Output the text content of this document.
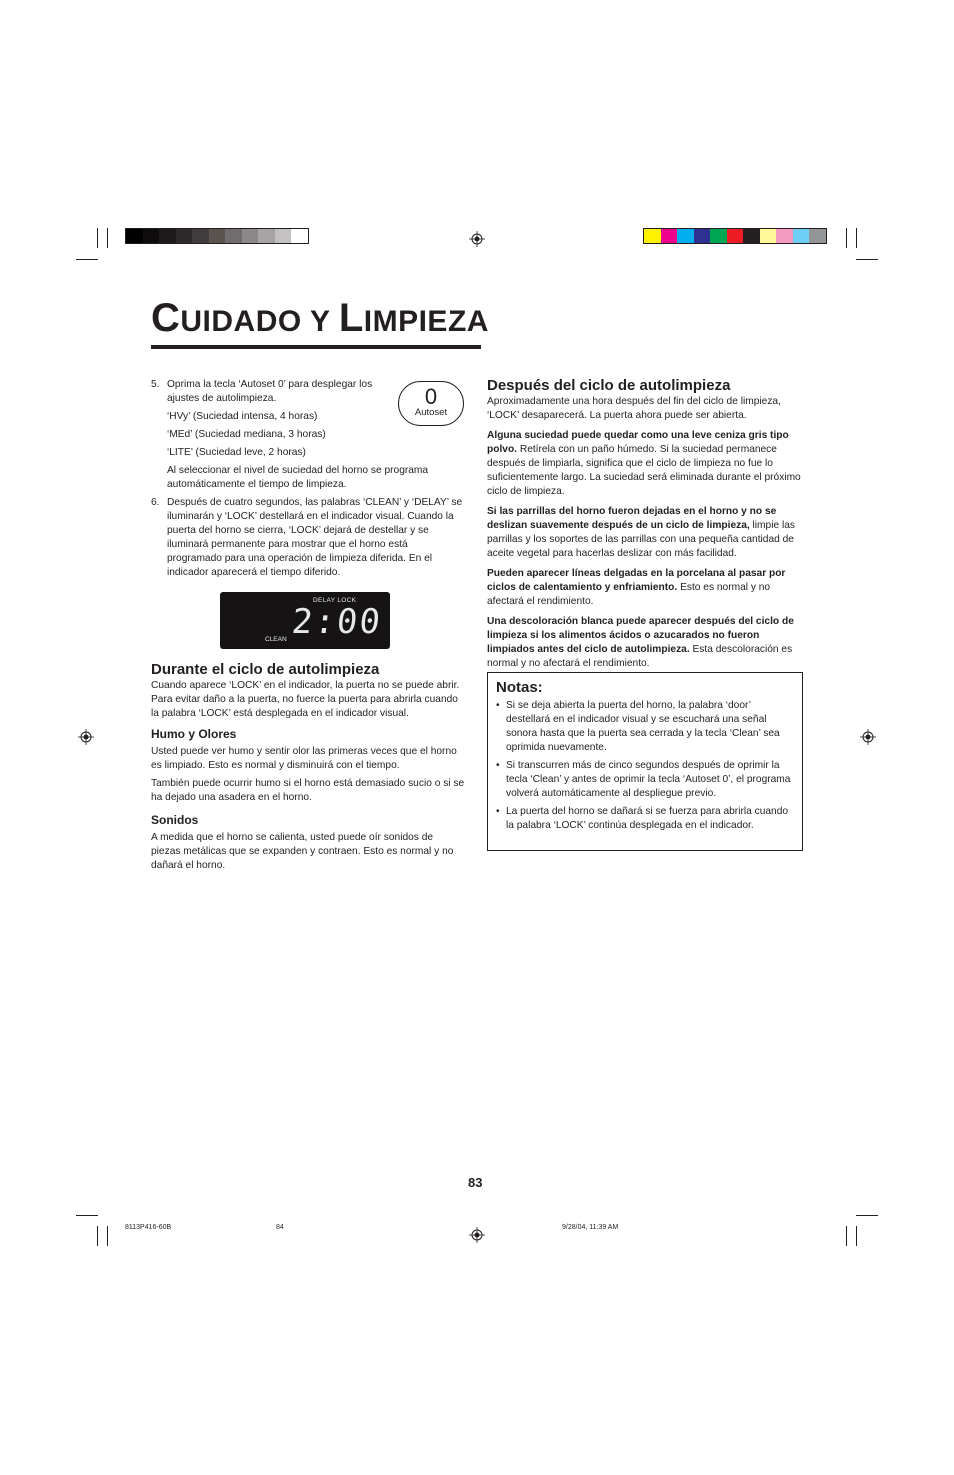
CUIDADO Y LIMPIEZA
5. Oprima la tecla ‘Autoset 0’ para desplegar los ajustes de autolimpieza.

‘HVy’ (Suciedad intensa, 4 horas)

‘MEd’ (Suciedad mediana, 3 horas)

‘LITE’ (Suciedad leve, 2 horas)

Al seleccionar el nivel de suciedad del horno se programa automáticamente el tiempo de limpieza.

6. Después de cuatro segundos, las palabras ‘CLEAN’ y ‘DELAY’ se iluminarán y ‘LOCK’ destellará en el indicador visual. Cuando la puerta del horno se cierra, ‘LOCK’ dejará de destellar y se iluminará permanente para mostrar que el horno está programado para una operación de limpieza diferida. En el indicador aparecerá el tiempo diferido.

0
Autoset
DELAY LOCK
2:00
CLEAN
Durante el ciclo de autolimpieza

Cuando aparece ‘LOCK’ en el indicador, la puerta no se puede abrir. Para evitar daño a la puerta, no fuerce la puerta para abrirla cuando la palabra ‘LOCK’ está desplegada en el indicador visual.

Humo y Olores

Usted puede ver humo y sentir olor las primeras veces que el horno es limpiado. Esto es normal y disminuirá con el tiempo.

También puede ocurrir humo si el horno está demasiado sucio o si se ha dejado una asadera en el horno.

Sonidos

A medida que el horno se calienta, usted puede oír sonidos de piezas metálicas que se expanden y contraen. Esto es normal y no dañará el horno.

Después del ciclo de autolimpieza

Aproximadamente una hora después del fin del ciclo de limpieza, ‘LOCK’ desaparecerá. La puerta ahora puede ser abierta.

Alguna suciedad puede quedar como una leve ceniza gris tipo polvo. Retírela con un paño húmedo. Si la suciedad permanece después de limpiarla, significa que el ciclo de limpieza no fue lo suficientemente largo. La suciedad será eliminada durante el próximo ciclo de limpieza.

Si las parrillas del horno fueron dejadas en el horno y no se deslizan suavemente después de un ciclo de limpieza, limpie las parrillas y los soportes de las parrillas con una pequeña cantidad de aceite vegetal para hacerlas deslizar con más facilidad.

Pueden aparecer líneas delgadas en la porcelana al pasar por ciclos de calentamiento y enfriamiento. Esto es normal y no afectará el rendimiento.

Una descoloración blanca puede aparecer después del ciclo de limpieza si los alimentos ácidos o azucarados no fueron limpiados antes del ciclo de autolimpieza. Esta descoloración es normal y no afectará el rendimiento.

Notas:
• Si se deja abierta la puerta del horno, la palabra ‘door’ destellará en el indicador visual y se escuchará una señal sonora hasta que la puerta sea cerrada y la tecla ‘Clean’ sea oprimida nuevamente.
• Si transcurren más de cinco segundos después de oprimir la tecla ‘Clean’ y antes de oprimir la tecla ‘Autoset 0’, el programa volverá automáticamente al despliegue previo.
• La puerta del horno se dañará si se fuerza para abrirla cuando la palabra ‘LOCK’ continúa desplegada en el indicador.
83
8113P416-60B	84	9/28/04, 11:39 AM
